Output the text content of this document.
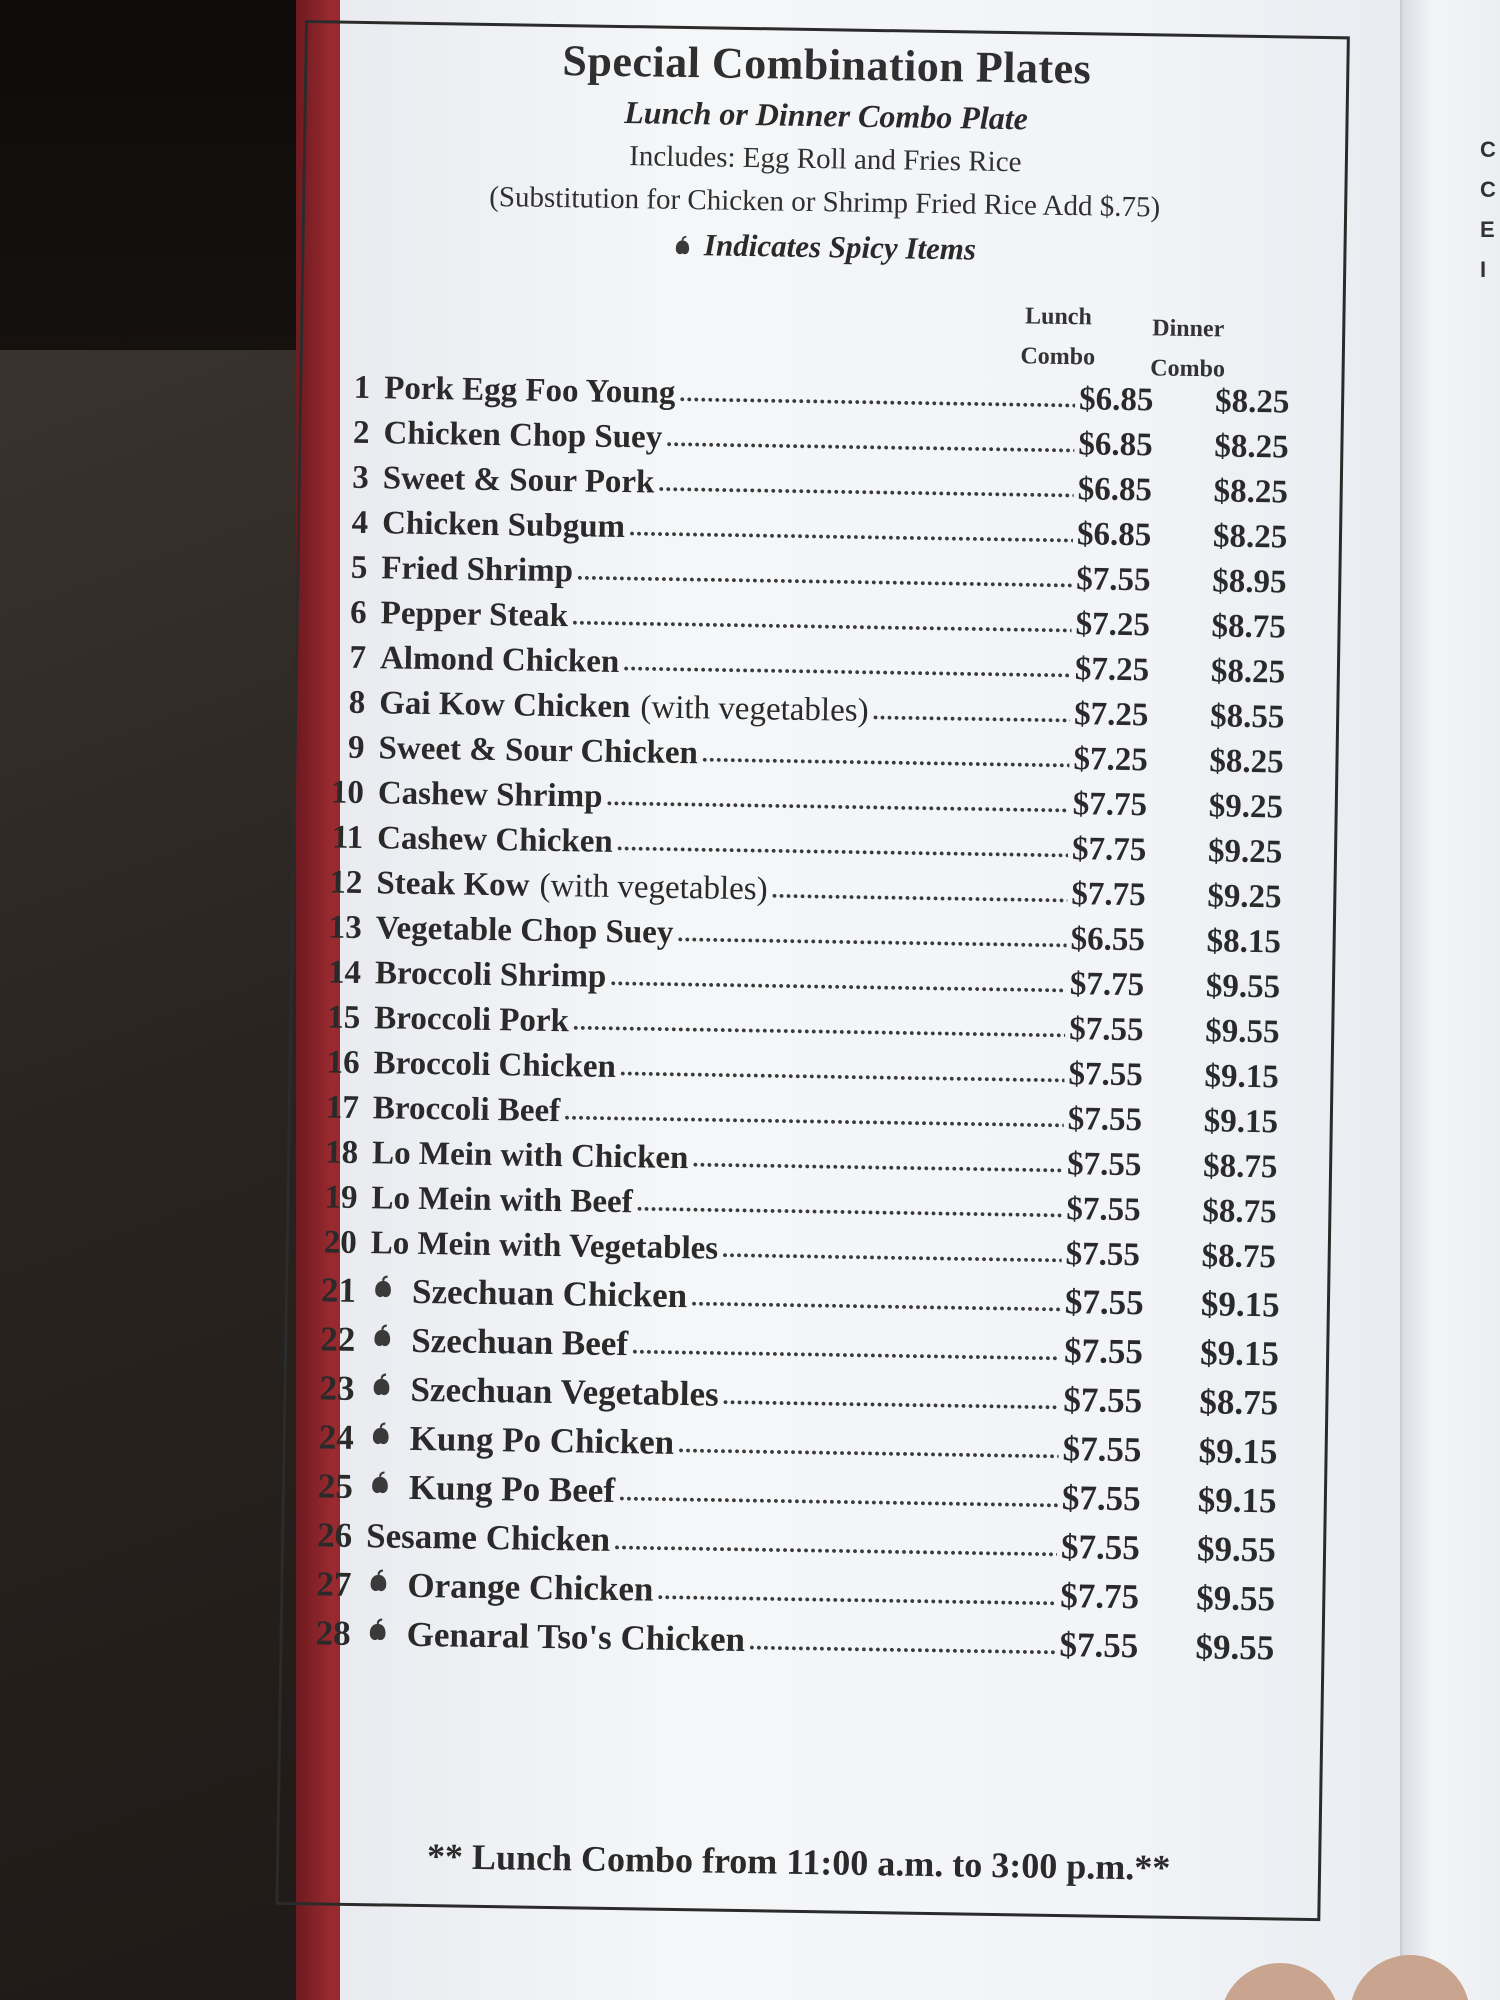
C
C
E
I
Special Combination Plates
Lunch or Dinner Combo Plate
Includes: Egg Roll and Fries Rice
(Substitution for Chicken or Shrimp Fried Rice Add $.75)
Indicates Spicy Items
Lunch
Combo
Dinner
Combo
1 Pork Egg Foo Young .....	$6.85	$8.25
2 Chicken Chop Suey .....	$6.85	$8.25
3 Sweet & Sour Pork .....	$6.85	$8.25
4 Chicken Subgum .....	$6.85	$8.25
5 Fried Shrimp .....	$7.55	$8.95
6 Pepper Steak .....	$7.25	$8.75
7 Almond Chicken .....	$7.25	$8.25
8 Gai Kow Chicken (with vegetables) .....	$7.25	$8.55
9 Sweet & Sour Chicken .....	$7.25	$8.25
10 Cashew Shrimp .....	$7.75	$9.25
11 Cashew Chicken .....	$7.75	$9.25
12 Steak Kow (with vegetables) .....	$7.75	$9.25
13 Vegetable Chop Suey .....	$6.55	$8.15
14 Broccoli Shrimp .....	$7.75	$9.55
15 Broccoli Pork .....	$7.55	$9.55
16 Broccoli Chicken .....	$7.55	$9.15
17 Broccoli Beef .....	$7.55	$9.15
18 Lo Mein with Chicken .....	$7.55	$8.75
19 Lo Mein with Beef .....	$7.55	$8.75
20 Lo Mein with Vegetables .....	$7.55	$8.75
21 Szechuan Chicken .....	$7.55	$9.15
22 Szechuan Beef .....	$7.55	$9.15
23 Szechuan Vegetables .....	$7.55	$8.75
24 Kung Po Chicken .....	$7.55	$9.15
25 Kung Po Beef .....	$7.55	$9.15
26 Sesame Chicken .....	$7.55	$9.55
27 Orange Chicken .....	$7.75	$9.55
28 Genaral Tso's Chicken .....	$7.55	$9.55
** Lunch Combo from 11:00 a.m. to 3:00 p.m.**
